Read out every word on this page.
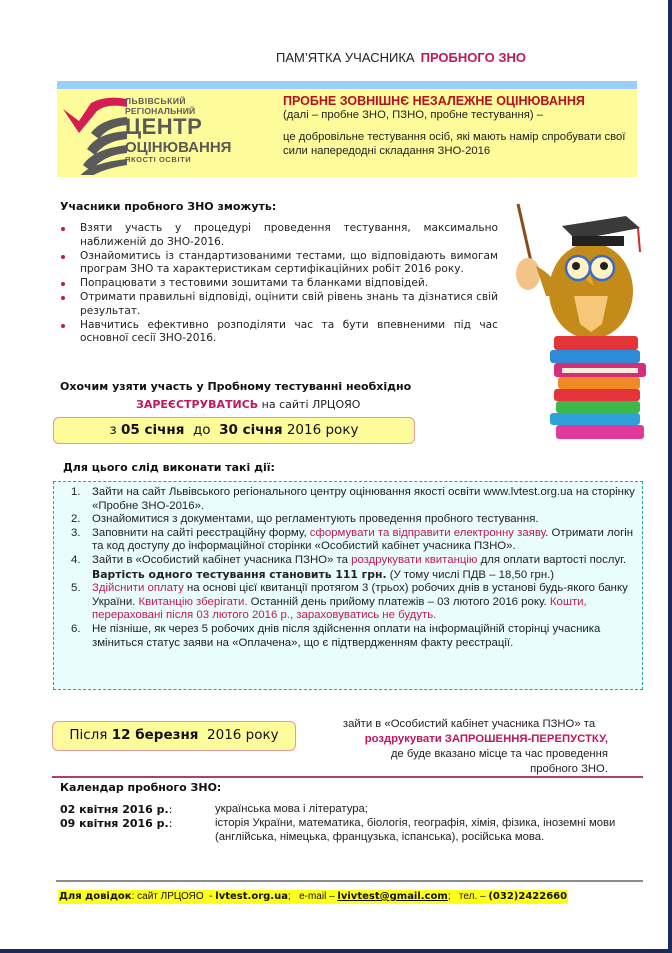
ПАМ’ЯТКА УЧАСНИКА ПРОБНОГО ЗНО
ЛЬВІВСЬКИЙ
РЕГІОНАЛЬНИЙ
ЦЕНТР
ОЦІНЮВАННЯ
ЯКОСТІ ОСВІТИ
ПРОБНЕ ЗОВНІШНЄ НЕЗАЛЕЖНЕ ОЦІНЮВАННЯ
(далі – пробне ЗНО, ПЗНО, пробне тестування) –
це добровільне тестування осіб, які мають намір спробувати свої сили напередодні складання ЗНО-2016
Учасники пробного ЗНО зможуть:
Взяти участь у процедурі проведення тестування, максимально наближеній до ЗНО-2016.
Ознайомитись із стандартизованими тестами, що відповідають вимогам програм ЗНО та характеристикам сертифікаційних робіт 2016 року.
Попрацювати з тестовими зошитами та бланками відповідей.
Отримати правильні відповіді, оцінити свій рівень знань та дізнатися свій результат.
Навчитись ефективно розподіляти час та бути впевненими під час основної сесії ЗНО-2016.
Охочим узяти участь у Пробному тестуванні необхідно
ЗАРЕЄСТРУВАТИСЬ на сайті ЛРЦОЯО
з 05 січня  до  30 січня 2016 року
Для цього слід виконати такі дії:
1. Зайти на сайт Львівського регіонального центру оцінювання якості освіти www.lvtest.org.ua на сторінку «Пробне ЗНО-2016».
2. Ознайомитися з документами, що регламентують проведення пробного тестування.
3. Заповнити на сайті реєстраційну форму, сформувати та відправити електронну заяву. Отримати логін та код доступу до інформаційної сторінки «Особистий кабінет учасника ПЗНО».
4. Зайти в «Особистий кабінет учасника ПЗНО» та роздрукувати квитанцію для оплати вартості послуг. Вартість одного тестування становить 111 грн. (У тому числі ПДВ – 18,50 грн.)
5. Здійснити оплату на основі цієї квитанції протягом 3 (трьох) робочих днів в установі будь-якого банку України. Квитанцію зберігати. Останній день прийому платежів – 03 лютого 2016 року. Кошти, перераховані після 03 лютого 2016 р., зараховуватись не будуть.
6. Не пізніше, як через 5 робочих днів після здійснення оплати на інформаційній сторінці учасника зміниться статус заяви на «Оплачена», що є підтвердженням факту реєстрації.
Після 12 березня  2016 року
зайти в «Особистий кабінет учасника ПЗНО» та
роздрукувати ЗАПРОШЕННЯ-ПЕРЕПУСТКУ,
де буде вказано місце та час проведення
пробного ЗНО.
Календар пробного ЗНО:
02 квітня 2016 р.:	українська мова і література;
09 квітня 2016 р.:	історія України, математика, біологія, географія, хімія, фізика, іноземні мови (англійська, німецька, французька, іспанська), російська мова.
Для довідок: сайт ЛРЦОЯО  - lvtest.org.ua;   e-mail – lvivtest@gmail.com;   тел. – (032)2422660
